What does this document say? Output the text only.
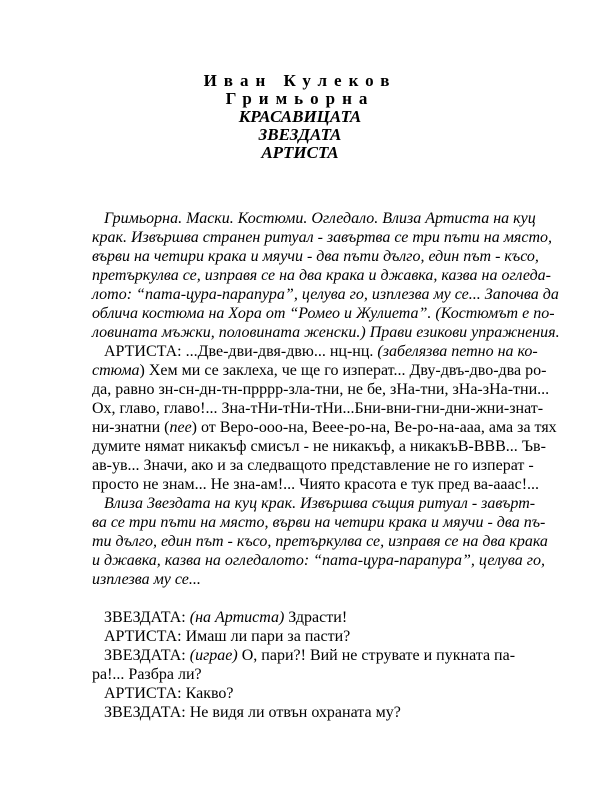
Иван Кулеков
Гримьорна
КРАСАВИЦАТА
ЗВЕЗДАТА
АРТИСТА
Гримьорна. Маски. Костюми. Огледало. Влиза Артиста на куц
крак. Извършва странен ритуал - завъртва се три пъти на място,
върви на четири крака и мяучи - два пъти дълго, един път - късо,
претъркулва се, изправя се на два крака и джавка, казва на огледа-
лото: “пата-цура-парапура”, целува го, изплезва му се... Започва да
облича костюма на Хора от “Ромео и Жулиета”. (Костюмът е по-
ловината мъжки, половината женски.) Прави езикови упражнения.
АРТИСТА: ...Две-дви-двя-двю... нц-нц. (забелязва петно на ко-
стюма) Хем ми се заклеха, че ще го изперат... Дву-двъ-дво-два ро-
да, равно зн-сн-дн-тн-прррр-зла-тни, не бе, зНа-тни, зНа-зНа-тни...
Ох, главо, главо!... Зна-тНи-тНи-тНи...Бни-вни-гни-дни-жни-знат-
ни-знатни (пее) от Веро-ооо-на, Веее-ро-на, Ве-ро-на-ааа, ама за тях
думите нямат никакъф смисъл - не никакъф, а никакъВ-ВВВ... Ъв-
ав-ув... Значи, ако и за следващото представление не го изперат -
просто не знам... Не зна-ам!... Чиято красота е тук пред ва-ааас!...
Влиза Звездата на куц крак. Извършва същия ритуал - завърт-
ва се три пъти на място, върви на четири крака и мяучи - два пъ-
ти дълго, един път - късо, претъркулва се, изправя се на два крака
и джавка, казва на огледалото: “пата-цура-парапура”, целува го,
изплезва му се...
ЗВЕЗДАТА: (на Артиста) Здрасти!
АРТИСТА: Имаш ли пари за пасти?
ЗВЕЗДАТА: (играе) О, пари?! Вий не струвате и пукната па-
ра!... Разбра ли?
АРТИСТА: Какво?
ЗВЕЗДАТА: Не видя ли отвън охраната му?
